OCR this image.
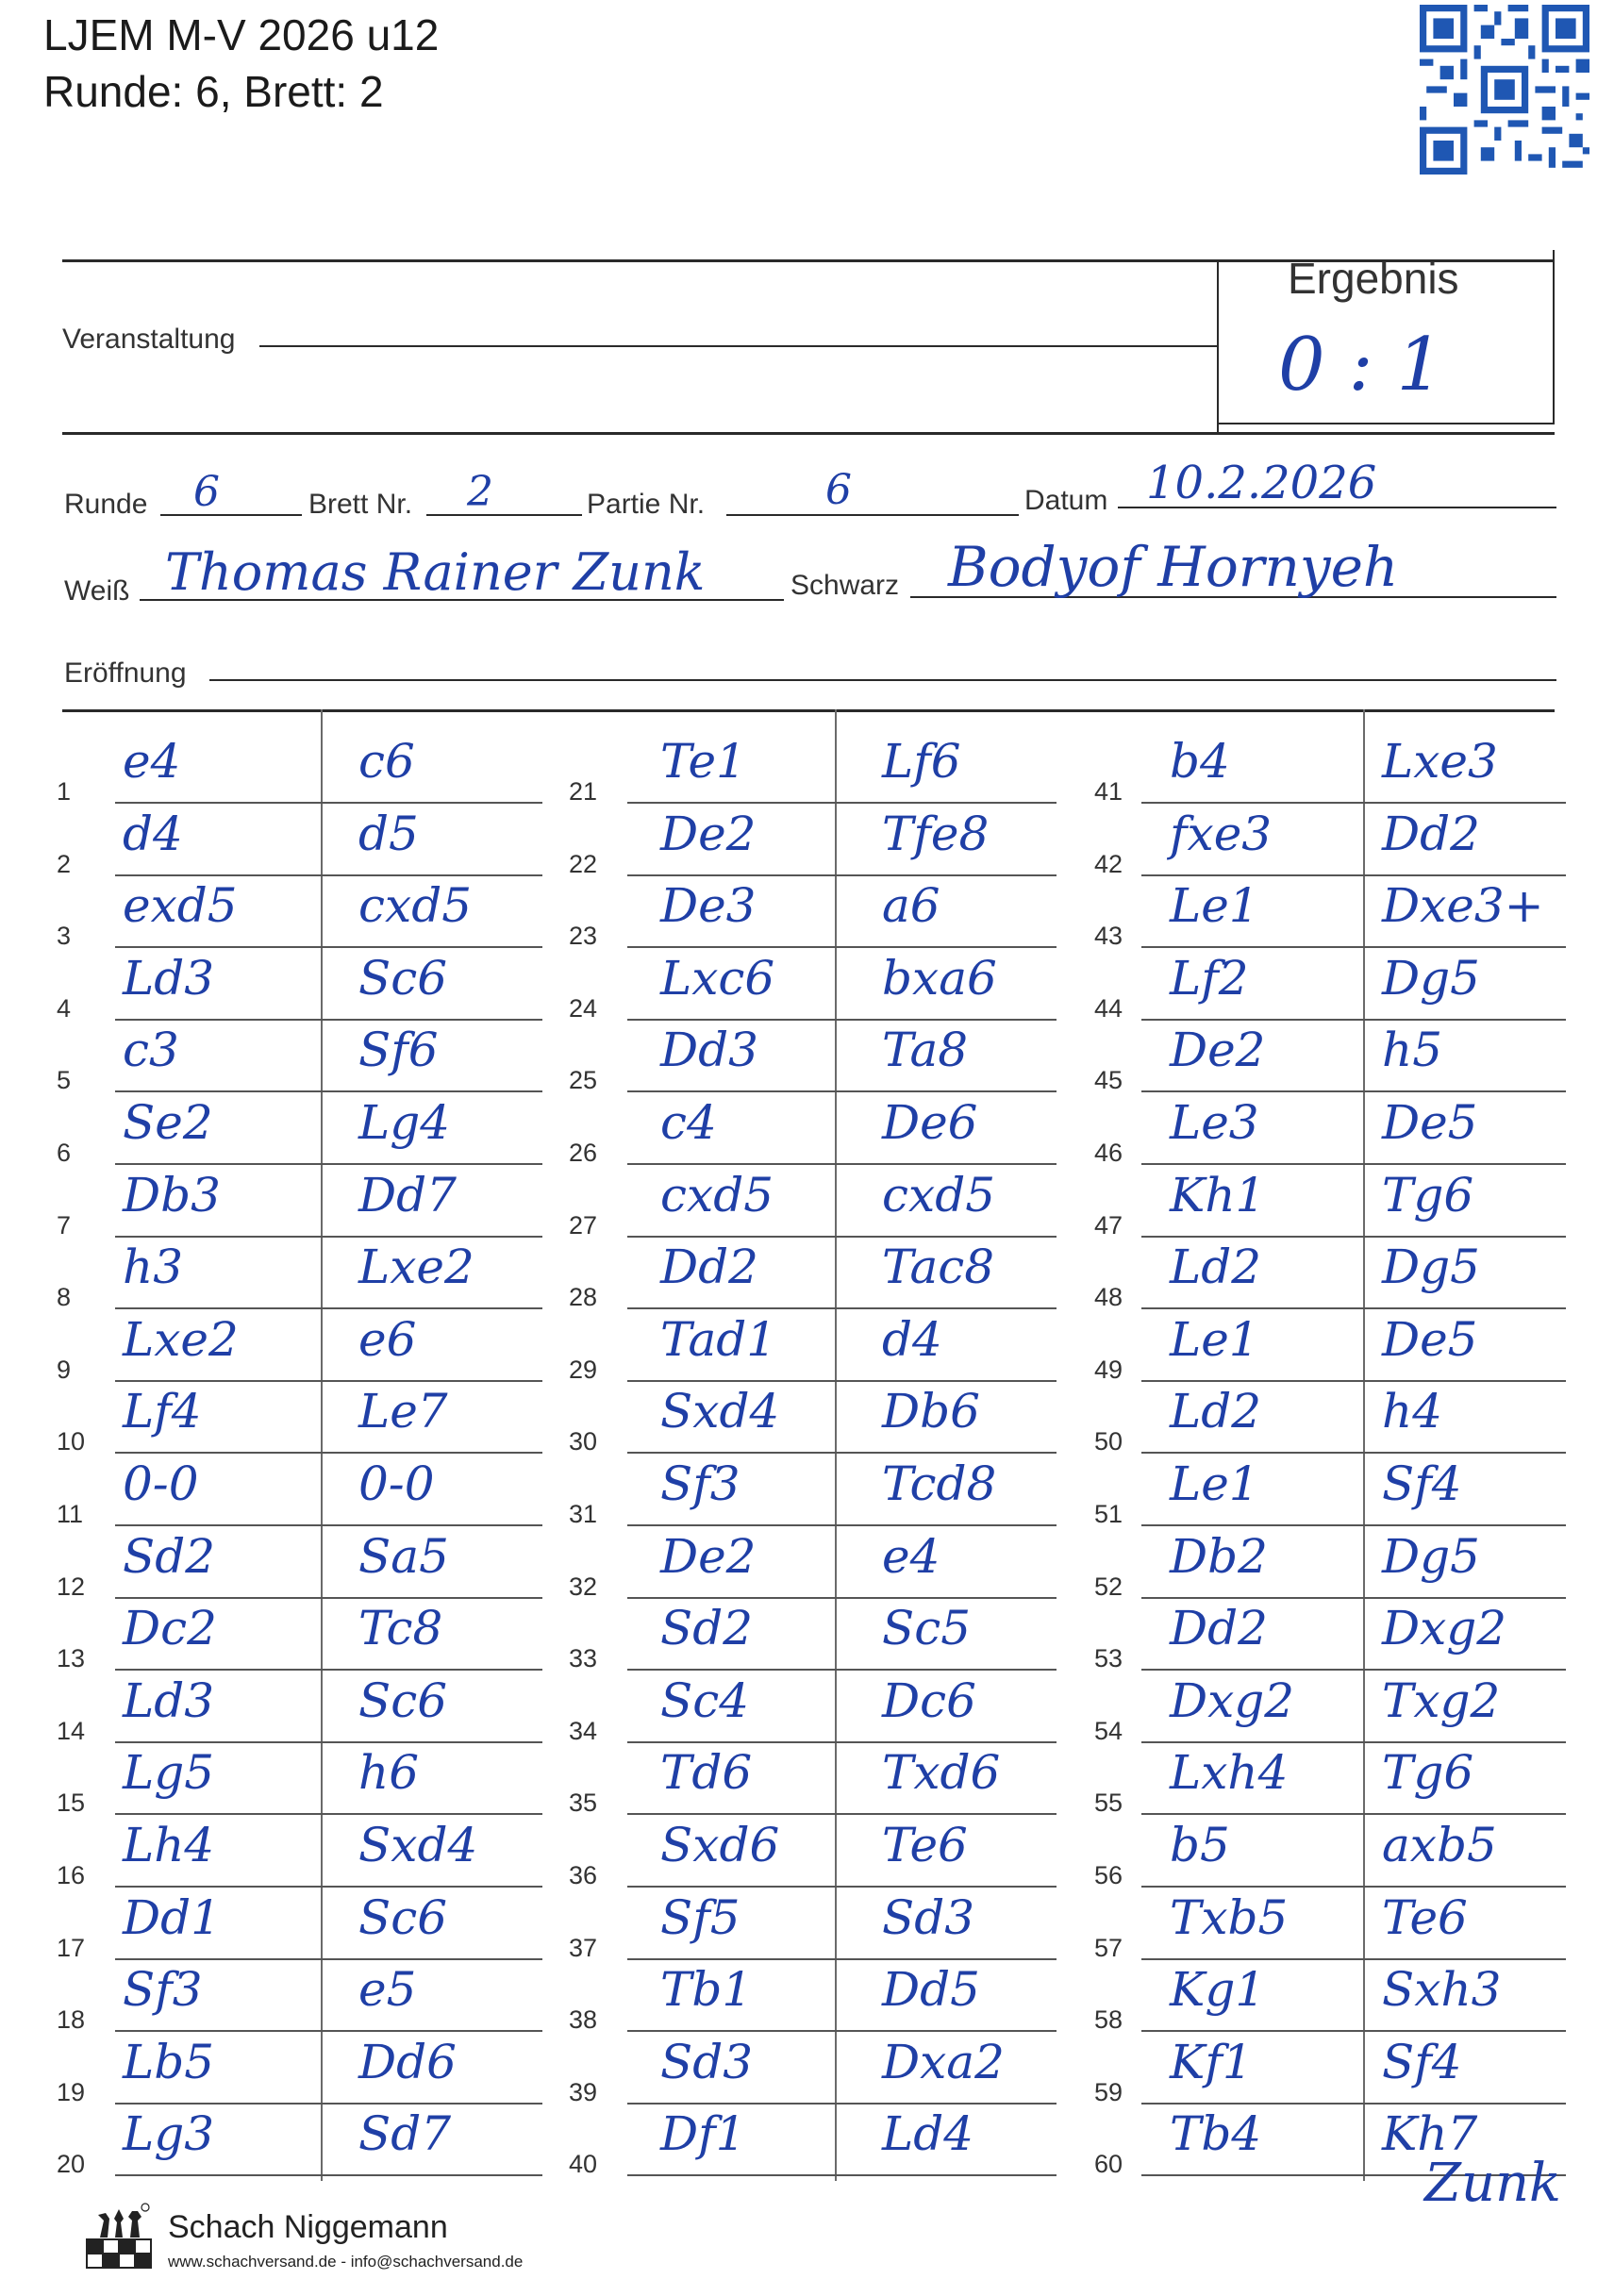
LJEM M-V 2026 u12
Runde: 6, Brett: 2
Veranstaltung
Ergebnis
0 : 1
Runde 6	Brett Nr. 2	Partie Nr.	6	Datum 10.2.2026
Weiß Thomas Rainer Zunk	Schwarz Bodyof Hornyeh
Eröffnung
1
e4	c6
2
d4	d5
3
exd5	cxd5
4
Ld3	Sc6
5
c3	Sf6
6
Se2	Lg4
7
Db3	Dd7
8
h3	Lxe2
9
Lxe2	e6
10
Lf4	Le7
11
0-0	0-0
12
Sd2	Sa5
13
Dc2	Tc8
14
Ld3	Sc6
15
Lg5	h6
16
Lh4	Sxd4
17
Dd1	Sc6
18
Sf3	e5
19
Lb5	Dd6
20
Lg3	Sd7
21
Te1	Lf6
22
De2	Tfe8
23
De3	a6
24
Lxc6 bxa6
25
Dd3	Ta8
26
c4	De6
27
cxd5 cxd5
28
Dd2	Tac8
29
Tad1 d4
30
Sxd4 Db6
31
Sf3	Tcd8
32
De2	e4
33
Sd2	Sc5
34
Sc4	Dc6
35
Td6	Txd6
36
Sxd6 Te6
37
Sf5	Sd3
38
Tb1	Dd5
39
Sd3	Dxa2
40
Df1	Ld4
41
b4	Lxe3
42
fxe3 Dd2
43
Le1	Dxe3+
44
Lf2	Dg5
45
De2 h5
46
Le3	De5
47
Kh1 Tg6
48
Ld2	Dg5
49
Le1	De5
50
Ld2	h4
51
Le1	Sf4
52
Db2 Dg5
53
Dd2 Dxg2
54
Dxg2 Txg2
55
Lxh4 Tg6
56
b5	axb5
57
Txb5 Te6
58
Kg1 Sxh3
59
Kf1	Sf4
60
Tb4	Kh7
Zunk
Schach Niggemann
www.schachversand.de - info@schachversand.de
